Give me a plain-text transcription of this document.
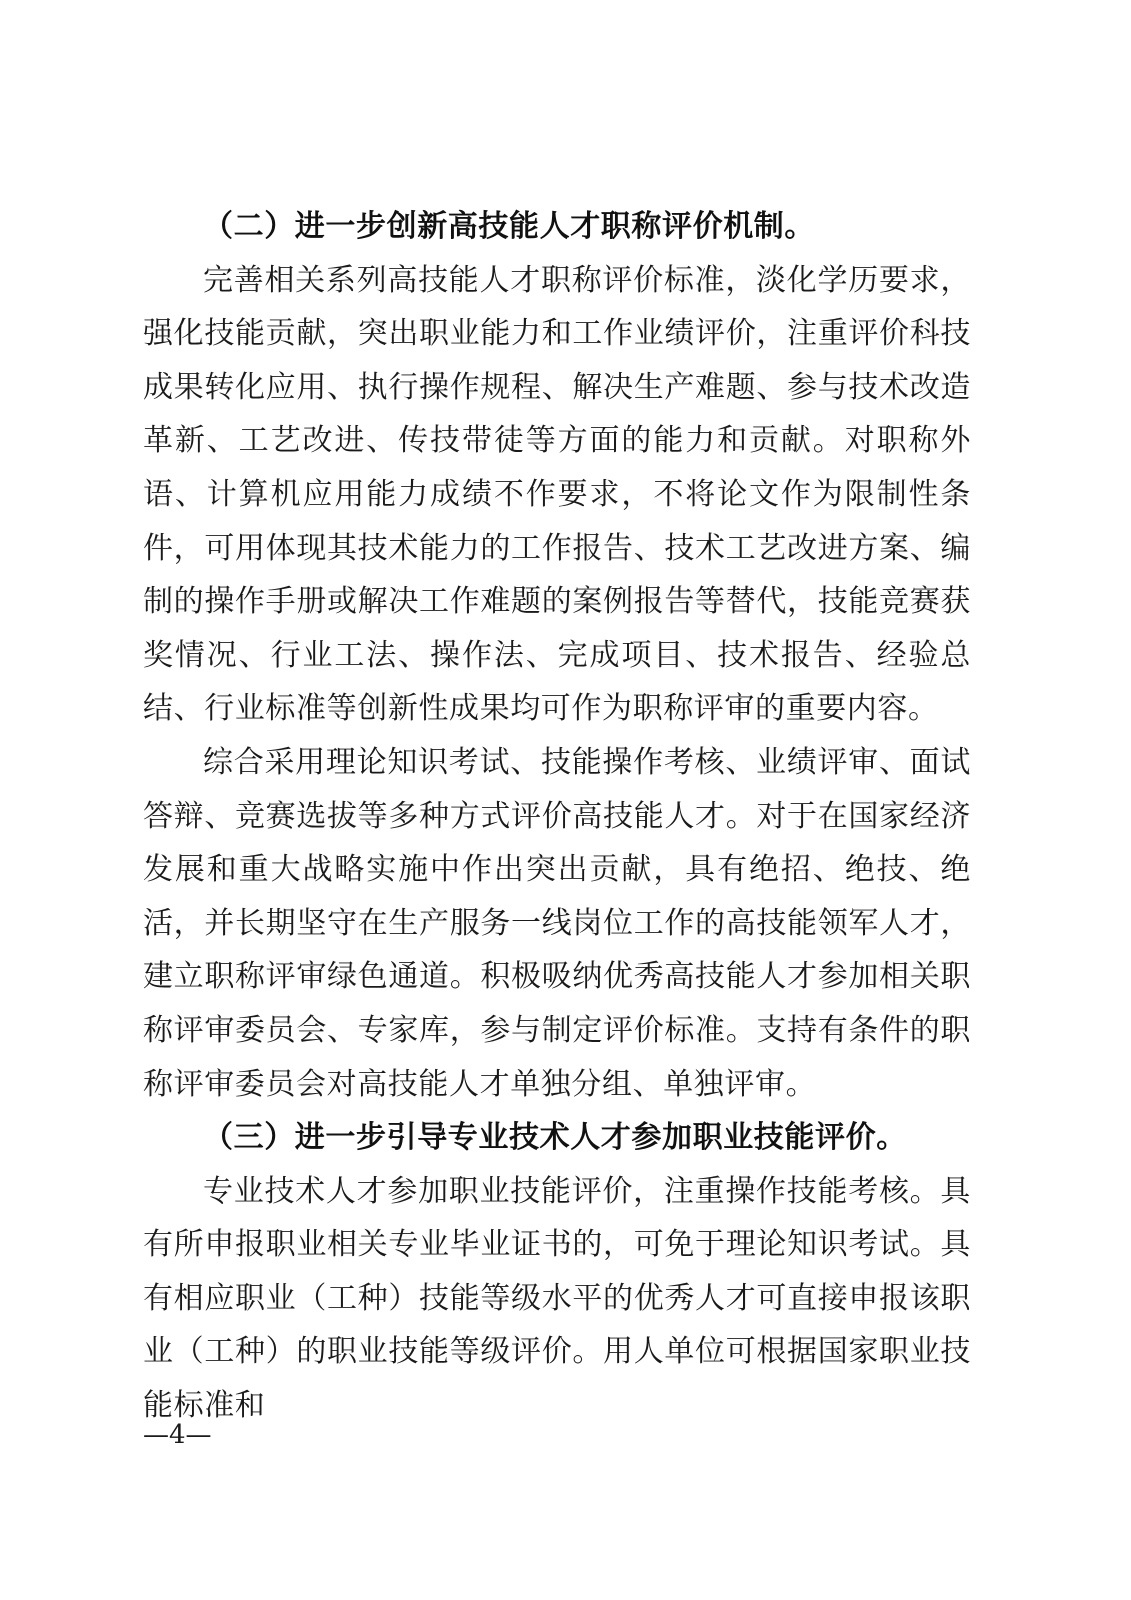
（二）进一步创新高技能人才职称评价机制。

完善相关系列高技能人才职称评价标准，淡化学历要求，强化技能贡献，突出职业能力和工作业绩评价，注重评价科技成果转化应用、执行操作规程、解决生产难题、参与技术改造革新、工艺改进、传技带徒等方面的能力和贡献。对职称外语、计算机应用能力成绩不作要求，不将论文作为限制性条件，可用体现其技术能力的工作报告、技术工艺改进方案、编制的操作手册或解决工作难题的案例报告等替代，技能竞赛获奖情况、行业工法、操作法、完成项目、技术报告、经验总结、行业标准等创新性成果均可作为职称评审的重要内容。

综合采用理论知识考试、技能操作考核、业绩评审、面试答辩、竞赛选拔等多种方式评价高技能人才。对于在国家经济发展和重大战略实施中作出突出贡献，具有绝招、绝技、绝活，并长期坚守在生产服务一线岗位工作的高技能领军人才，建立职称评审绿色通道。积极吸纳优秀高技能人才参加相关职称评审委员会、专家库，参与制定评价标准。支持有条件的职称评审委员会对高技能人才单独分组、单独评审。

（三）进一步引导专业技术人才参加职业技能评价。

专业技术人才参加职业技能评价，注重操作技能考核。具有所申报职业相关专业毕业证书的，可免于理论知识考试。具有相应职业（工种）技能等级水平的优秀人才可直接申报该职业（工种）的职业技能等级评价。用人单位可根据国家职业技能标准和

—4—
